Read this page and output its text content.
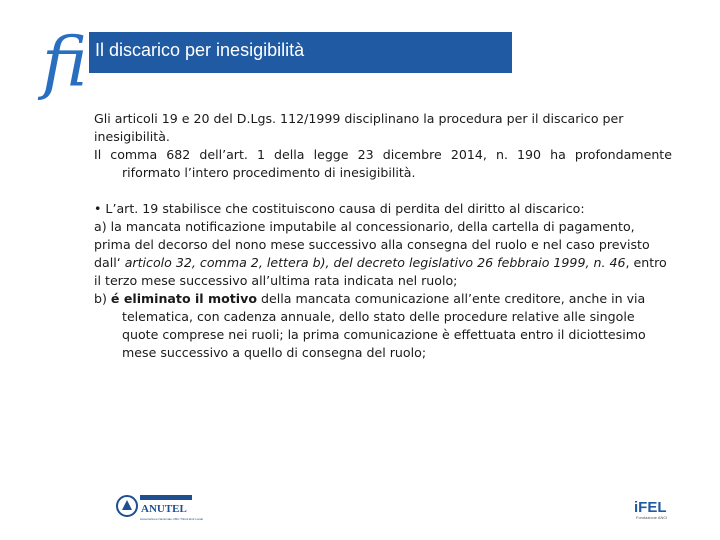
fi Il discarico per inesigibilità

Gli articoli 19 e 20 del D.Lgs. 112/1999 disciplinano la procedura per il discarico per inesigibilità.

Il comma 682 dell’art. 1 della legge 23 dicembre 2014, n. 190 ha profondamente

riformato l’intero procedimento di inesigibilità.

• L’art. 19 stabilisce che costituiscono causa di perdita del diritto al discarico:

a) la mancata notificazione imputabile al concessionario, della cartella di pagamento, prima del decorso del nono mese successivo alla consegna del ruolo e nel caso previsto dall‘ articolo 32, comma 2, lettera b), del decreto legislativo 26 febbraio 1999, n. 46, entro il terzo mese successivo all’ultima rata indicata nel ruolo;

b) é eliminato il motivo della mancata comunicazione all’ente creditore, anche in via

telematica, con cadenza annuale, dello stato delle procedure relative alle singole quote comprese nei ruoli; la prima comunicazione è effettuata entro il diciottesimo mese successivo a quello di consegna del ruolo;

ANUTEL
Associazione Nazionale Uffici Tributi Enti Locali
iFEL
Fondazione ANCI
